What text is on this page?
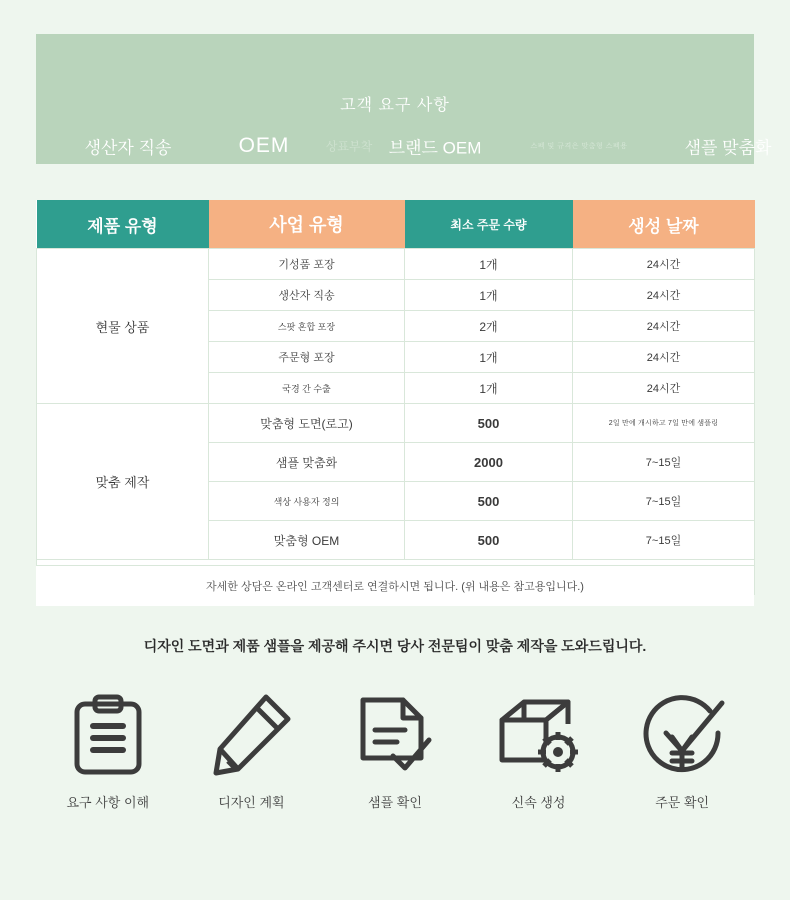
고객 요구 사항
생산자 직송	OEM	상표부착 브랜드 OEM	스펙 및 규격은 맞춤형 스펙용	샘플 맞춤화
제품 유형	사업 유형	최소 주문 수량	생성 날짜
현물 상품	기성품 포장	1개	24시간
	생산자 직송	1개	24시간
	스팟 혼합 포장	2개	24시간
	주문형 포장	1개	24시간
	국경 간 수출	1개	24시간
맞춤 제작	맞춤형 도면(로고)	500	2일 만에 개시하고 7일 만에 샘플링
	샘플 맞춤화	2000	7~15일
	색상 사용자 정의	500	7~15일
	맞춤형 OEM	500	7~15일

자세한 상담은 온라인 고객센터로 연결하시면 됩니다. (위 내용은 참고용입니다.)
디자인 도면과 제품 샘플을 제공해 주시면 당사 전문팀이 맞춤 제작을 도와드립니다.
요구 사항 이해	디자인 계획	샘플 확인	신속 생성	주문 확인
